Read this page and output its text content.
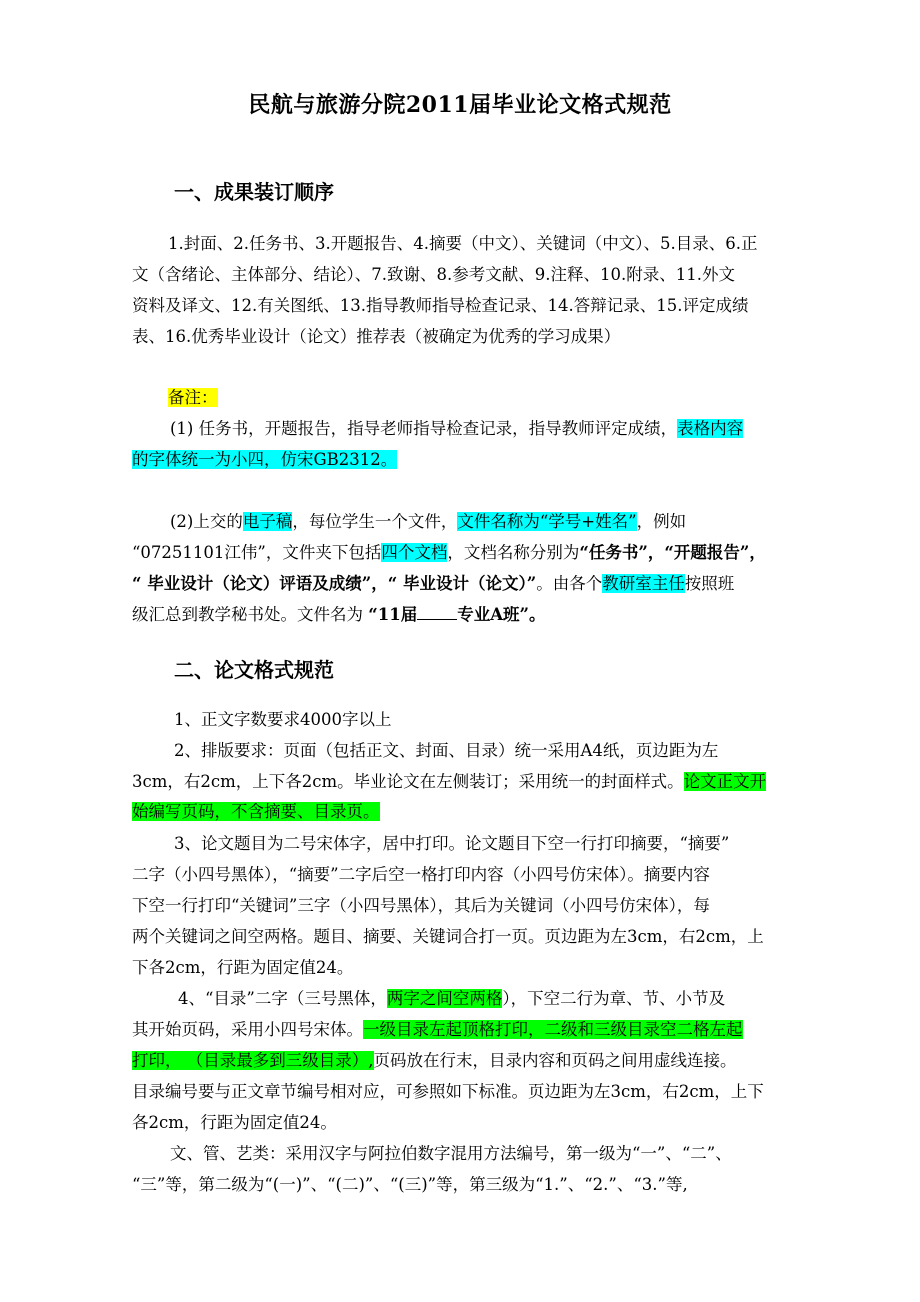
民航与旅游分院2011届毕业论文格式规范
一、成果装订顺序
1.封面、2.任务书、3.开题报告、4.摘要（中文）、关键词（中文）、5.目录、6.正
文（含绪论、主体部分、结论）、7.致谢、8.参考文献、9.注释、10.附录、11.外文
资料及译文、12.有关图纸、13.指导教师指导检查记录、14.答辩记录、15.评定成绩
表、16.优秀毕业设计（论文）推荐表（被确定为优秀的学习成果）
备注：
(1) 任务书，开题报告，指导老师指导检查记录，指导教师评定成绩，表格内容
的字体统一为小四，仿宋GB2312。
(2)上交的电子稿，每位学生一个文件，文件名称为“学号+姓名”，例如
“07251101江伟”，文件夹下包括四个文档，文档名称分别为“任务书”，“开题报告”，
“ 毕业设计（论文）评语及成绩”，“ 毕业设计（论文）”。由各个教研室主任按照班
级汇总到教学秘书处。文件名为 “11届 专业A班”。
二、论文格式规范
1、正文字数要求4000字以上
2、排版要求：页面（包括正文、封面、目录）统一采用A4纸，页边距为左
3cm，右2cm，上下各2cm。毕业论文在左侧装订；采用统一的封面样式。论文正文开
始编写页码，不含摘要、目录页。
3、论文题目为二号宋体字，居中打印。论文题目下空一行打印摘要，“摘要”
二字（小四号黑体），“摘要”二字后空一格打印内容（小四号仿宋体）。摘要内容
下空一行打印“关键词”三字（小四号黑体），其后为关键词（小四号仿宋体），每
两个关键词之间空两格。题目、摘要、关键词合打一页。页边距为左3cm，右2cm，上
下各2cm，行距为固定值24。
4、“目录”二字（三号黑体，两字之间空两格），下空二行为章、节、小节及
其开始页码，采用小四号宋体。一级目录左起顶格打印，二级和三级目录空二格左起
打印， （目录最多到三级目录）,页码放在行末，目录内容和页码之间用虚线连接。
目录编号要与正文章节编号相对应，可参照如下标准。页边距为左3cm，右2cm，上下
各2cm，行距为固定值24。
文、管、艺类：采用汉字与阿拉伯数字混用方法编号，第一级为“一”、“二”、
“三”等，第二级为“(一)”、“(二)”、“(三)”等，第三级为“1.”、“2.”、“3.”等,
